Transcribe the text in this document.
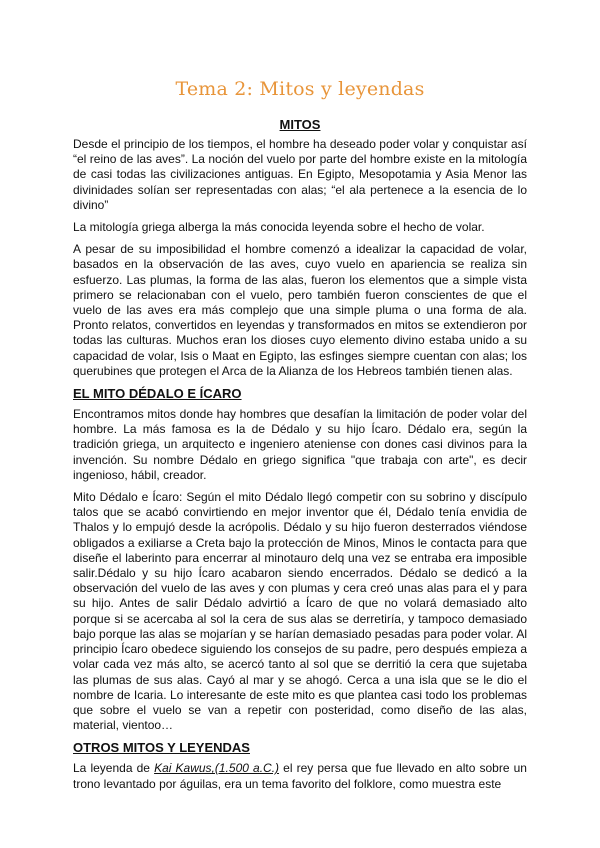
Tema 2: Mitos y leyendas
MITOS

Desde el principio de los tiempos, el hombre ha deseado poder volar y conquistar así “el reino de las aves”. La noción del vuelo por parte del hombre existe en la mitología de casi todas las civilizaciones antiguas. En Egipto, Mesopotamia y Asia Menor las divinidades solían ser representadas con alas; “el ala pertenece a la esencia de lo divino”

La mitología griega alberga la más conocida leyenda sobre el hecho de volar.

A pesar de su imposibilidad el hombre comenzó a idealizar la capacidad de volar, basados en la observación de las aves, cuyo vuelo en apariencia se realiza sin esfuerzo. Las plumas, la forma de las alas, fueron los elementos que a simple vista primero se relacionaban con el vuelo, pero también fueron conscientes de que el vuelo de las aves era más complejo que una simple pluma o una forma de ala. Pronto relatos, convertidos en leyendas y transformados en mitos se extendieron por todas las culturas. Muchos eran los dioses cuyo elemento divino estaba unido a su capacidad de volar, Isis o Maat en Egipto, las esfinges siempre cuentan con alas; los querubines que protegen el Arca de la Alianza de los Hebreos también tienen alas.

EL MITO DÉDALO E ÍCARO

Encontramos mitos donde hay hombres que desafían la limitación de poder volar del hombre. La más famosa es la de Dédalo y su hijo Ícaro. Dédalo era, según la tradición griega, un arquitecto e ingeniero ateniense con dones casi divinos para la invención. Su nombre Dédalo en griego significa "que trabaja con arte", es decir ingenioso, hábil, creador.

Mito Dédalo e Ícaro: Según el mito Dédalo llegó competir con su sobrino y discípulo talos que se acabó convirtiendo en mejor inventor que él, Dédalo tenía envidia de Thalos y lo empujó desde la acrópolis. Dédalo y su hijo fueron desterrados viéndose obligados a exiliarse a Creta bajo la protección de Minos, Minos le contacta para que diseñe el laberinto para encerrar al minotauro delq una vez se entraba era imposible salir.Dédalo y su hijo Ícaro acabaron siendo encerrados. Dédalo se dedicó a la observación del vuelo de las aves y con plumas y cera creó unas alas para el y para su hijo. Antes de salir Dédalo advirtió a Ícaro de que no volará demasiado alto porque si se acercaba al sol la cera de sus alas se derretiría, y tampoco demasiado bajo porque las alas se mojarían y se harían demasiado pesadas para poder volar. Al principio Ícaro obedece siguiendo los consejos de su padre, pero después empieza a volar cada vez más alto, se acercó tanto al sol que se derritió la cera que sujetaba las plumas de sus alas. Cayó al mar y se ahogó. Cerca a una isla que se le dio el nombre de Icaria. Lo interesante de este mito es que plantea casi todo los problemas que sobre el vuelo se van a repetir con posteridad, como diseño de las alas, material, vientoo…

OTROS MITOS Y LEYENDAS

La leyenda de Kai Kawus,(1.500 a.C.) el rey persa que fue llevado en alto sobre un trono levantado por águilas, era un tema favorito del folklore, como muestra este
